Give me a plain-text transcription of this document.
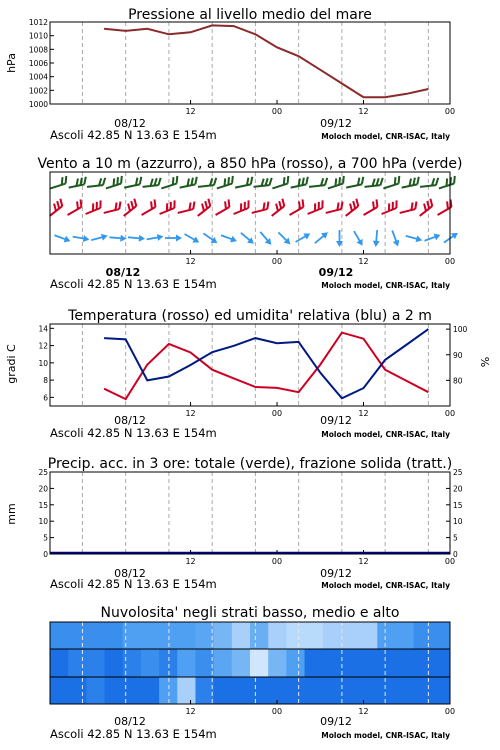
Pressione al livello medio del mare
hPa
1000
1002
1004
1006
1008
1010
1012
12	00	12	00
08/12	09/12
Ascoli 42.85 N 13.63 E 154m	Moloch model, CNR-ISAC, Italy
Vento a 10 m (azzurro), a 850 hPa (rosso), a 700 hPa (verde)
12	00	12	00
08/12	09/12
Ascoli 42.85 N 13.63 E 154m	Moloch model, CNR-ISAC, Italy
Temperatura (rosso) ed umidita' relativa (blu) a 2 m
gradi C	%
6
8
10
12
14
80
90
100
12	00	12	00
08/12	09/12
Ascoli 42.85 N 13.63 E 154m	Moloch model, CNR-ISAC, Italy
Precip. acc. in 3 ore: totale (verde), frazione solida (tratt.)
mm
0
5
10
15
20
25
0
5
10
15
20
25
12	00	12	00
08/12	09/12
Ascoli 42.85 N 13.63 E 154m	Moloch model, CNR-ISAC, Italy
Nuvolosita' negli strati basso, medio e alto
12	00	12	00
08/12	09/12
Ascoli 42.85 N 13.63 E 154m	Moloch model, CNR-ISAC, Italy
